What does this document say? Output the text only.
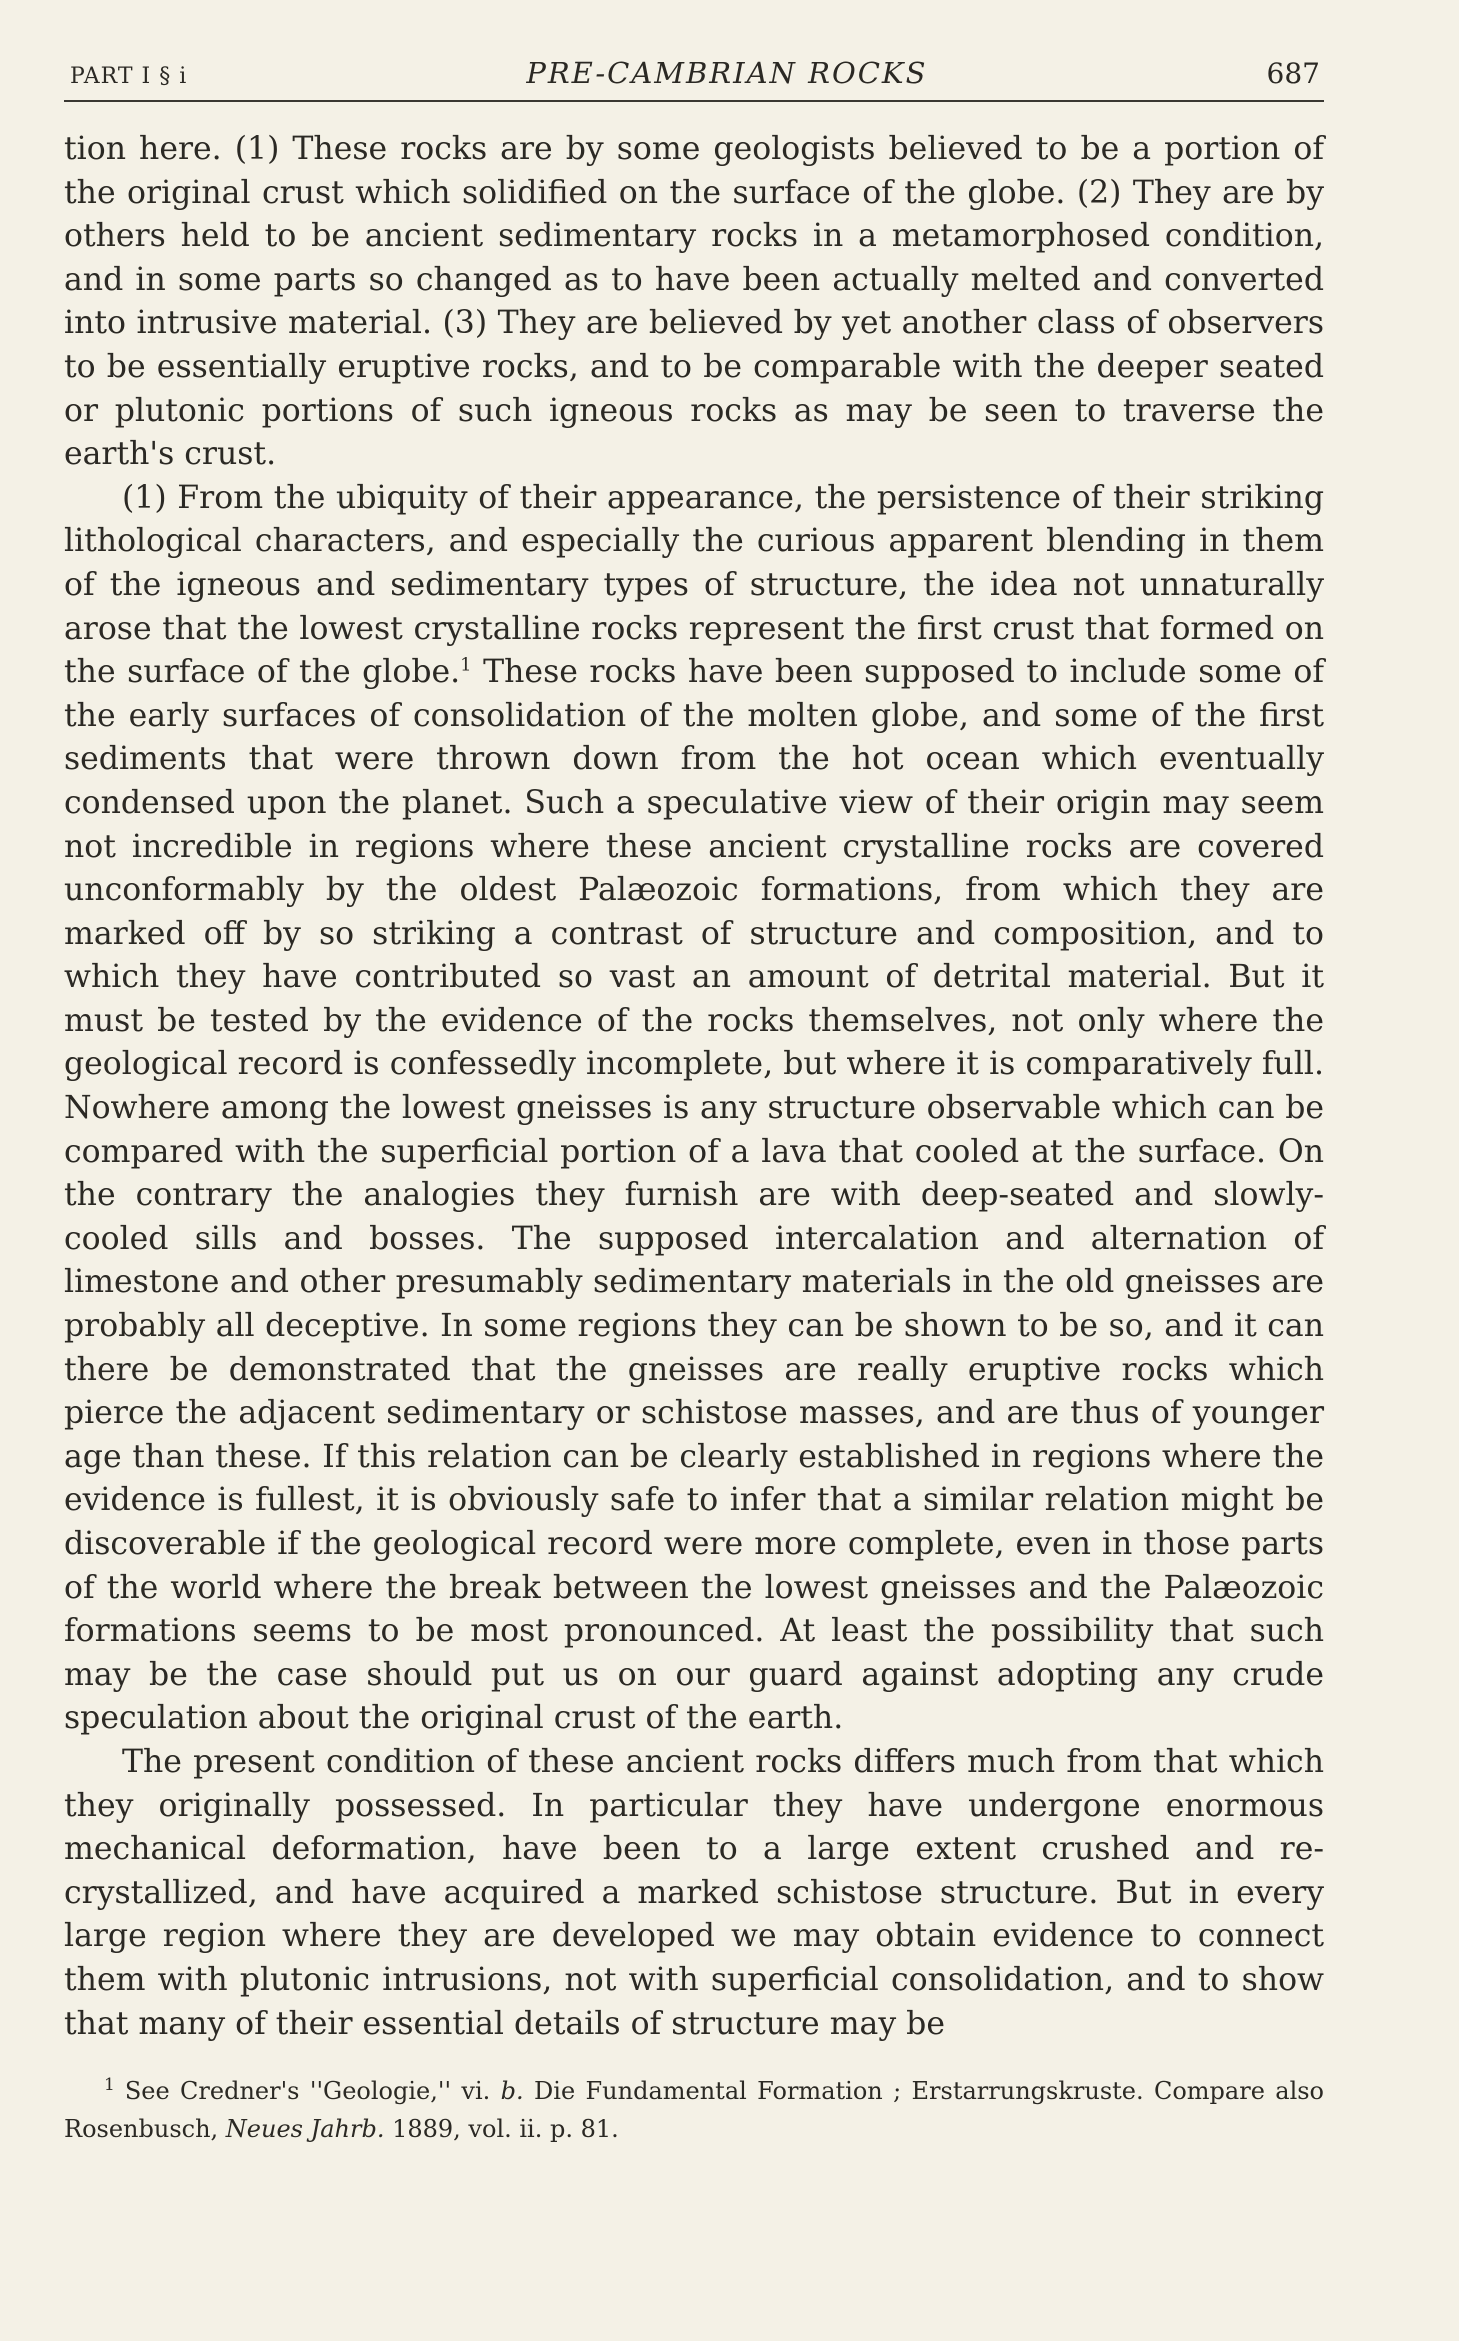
PART I § i	PRE-CAMBRIAN ROCKS	687

tion here. (1) These rocks are by some geologists believed to be a portion of the original crust which solidified on the surface of the globe. (2) They are by others held to be ancient sedimentary rocks in a metamorphosed condition, and in some parts so changed as to have been actually melted and converted into intrusive material. (3) They are believed by yet another class of observers to be essentially eruptive rocks, and to be comparable with the deeper seated or plutonic portions of such igneous rocks as may be seen to traverse the earth's crust.

(1) From the ubiquity of their appearance, the persistence of their striking lithological characters, and especially the curious apparent blending in them of the igneous and sedimentary types of structure, the idea not unnaturally arose that the lowest crystalline rocks represent the first crust that formed on the surface of the globe.$^1$ These rocks have been supposed to include some of the early surfaces of consolidation of the molten globe, and some of the first sediments that were thrown down from the hot ocean which eventually condensed upon the planet. Such a speculative view of their origin may seem not incredible in regions where these ancient crystalline rocks are covered unconformably by the oldest Palæozoic formations, from which they are marked off by so striking a contrast of structure and composition, and to which they have contributed so vast an amount of detrital material. But it must be tested by the evidence of the rocks themselves, not only where the geological record is confessedly incomplete, but where it is comparatively full. Nowhere among the lowest gneisses is any structure observable which can be compared with the superficial portion of a lava that cooled at the surface. On the contrary the analogies they furnish are with deep-seated and slowly-cooled sills and bosses. The supposed intercalation and alternation of limestone and other presumably sedimentary materials in the old gneisses are probably all deceptive. In some regions they can be shown to be so, and it can there be demonstrated that the gneisses are really eruptive rocks which pierce the adjacent sedimentary or schistose masses, and are thus of younger age than these. If this relation can be clearly established in regions where the evidence is fullest, it is obviously safe to infer that a similar relation might be discoverable if the geological record were more complete, even in those parts of the world where the break between the lowest gneisses and the Palæozoic formations seems to be most pronounced. At least the possibility that such may be the case should put us on our guard against adopting any crude speculation about the original crust of the earth.

The present condition of these ancient rocks differs much from that which they originally possessed. In particular they have undergone enormous mechanical deformation, have been to a large extent crushed and re-crystallized, and have acquired a marked schistose structure. But in every large region where they are developed we may obtain evidence to connect them with plutonic intrusions, not with superficial consolidation, and to show that many of their essential details of structure may be

$^1$ See Credner's ''Geologie,'' vi. b. Die Fundamental Formation ; Erstarrungskruste. Compare also Rosenbusch, Neues Jahrb. 1889, vol. ii. p. 81.
